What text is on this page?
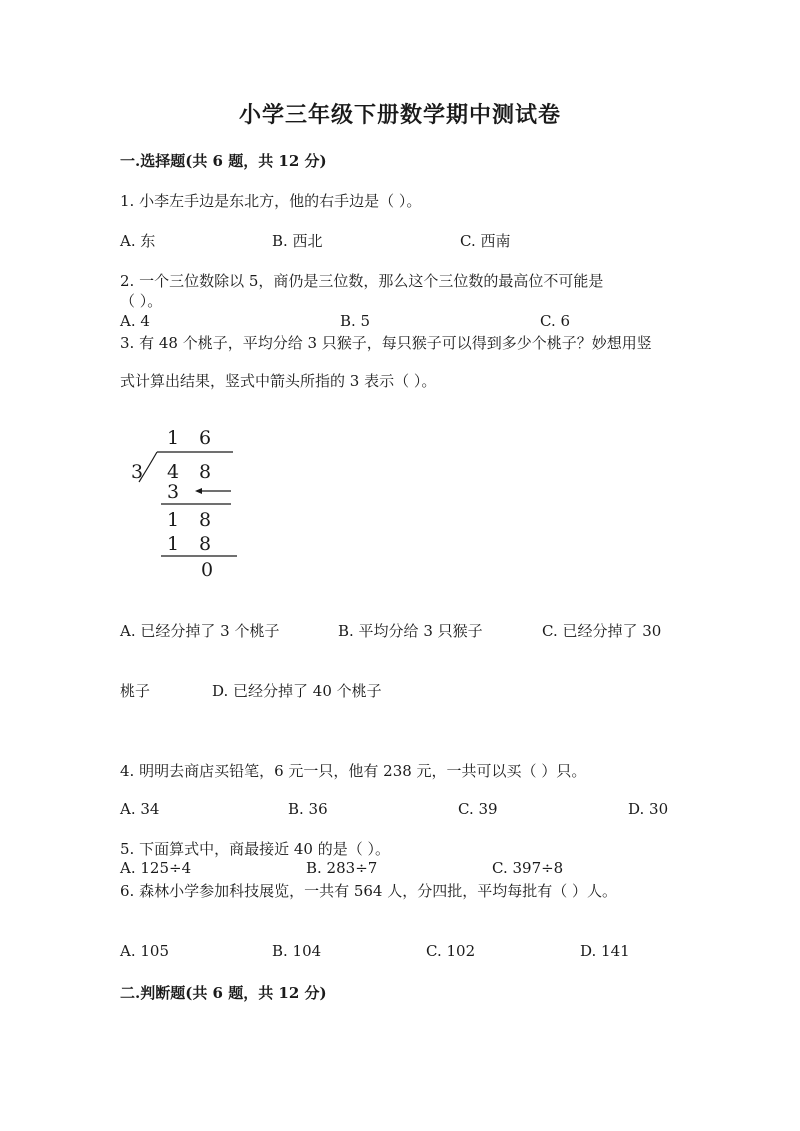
小学三年级下册数学期中测试卷
一.选择题(共 6 题，共 12 分)
1. 小李左手边是东北方，他的右手边是（ ）。
A. 东	B. 西北	C. 西南
2. 一个三位数除以 5，商仍是三位数，那么这个三位数的最高位不可能是
（ ）。
A. 4	B. 5	C. 6
3. 有 48 个桃子，平均分给 3 只猴子，每只猴子可以得到多少个桃子？妙想用竖
式计算出结果，竖式中箭头所指的 3 表示（ ）。
1 6
3 4 8
3
1 8
1 8
0
A. 已经分掉了 3 个桃子	B. 平均分给 3 只猴子	C. 已经分掉了 30
桃子	D. 已经分掉了 40 个桃子
4. 明明去商店买铅笔，6 元一只，他有 238 元，一共可以买（ ）只。
A. 34	B. 36	C. 39	D. 30
5. 下面算式中，商最接近 40 的是（ ）。
A. 125÷4	B. 283÷7	C. 397÷8
6. 森林小学参加科技展览，一共有 564 人，分四批，平均每批有（ ）人。
A. 105	B. 104	C. 102	D. 141
二.判断题(共 6 题，共 12 分)
